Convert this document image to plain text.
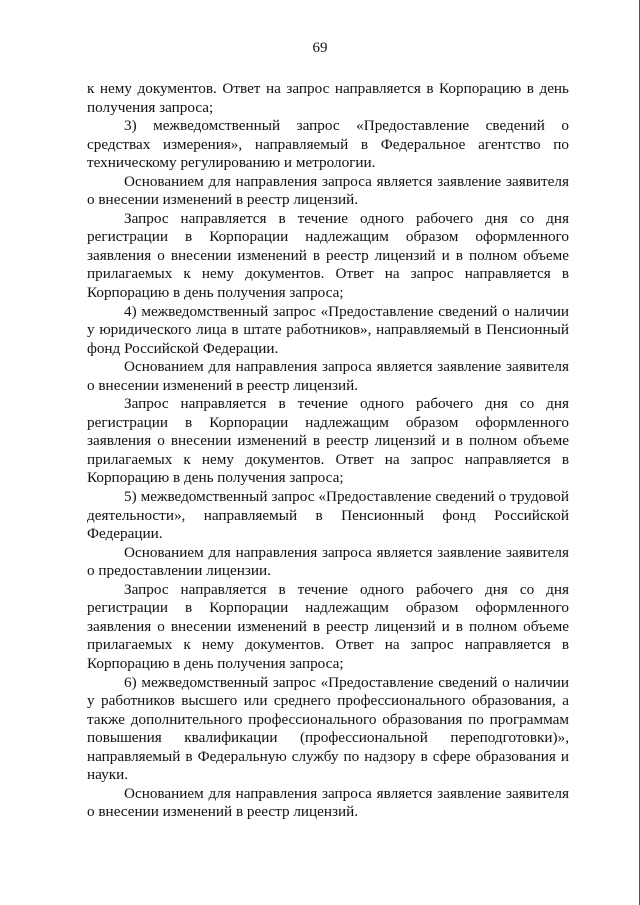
69

к нему документов. Ответ на запрос направляется в Корпорацию в день получения запроса;

3) межведомственный запрос «Предоставление сведений о средствах измерения», направляемый в Федеральное агентство по техническому регулированию и метрологии.

Основанием для направления запроса является заявление заявителя о внесении изменений в реестр лицензий.

Запрос направляется в течение одного рабочего дня со дня регистрации в Корпорации надлежащим образом оформленного заявления о внесении изменений в реестр лицензий и в полном объеме прилагаемых к нему документов. Ответ на запрос направляется в Корпорацию в день получения запроса;

4) межведомственный запрос «Предоставление сведений о наличии у юридического лица в штате работников», направляемый в Пенсионный фонд Российской Федерации.

Основанием для направления запроса является заявление заявителя о внесении изменений в реестр лицензий.

Запрос направляется в течение одного рабочего дня со дня регистрации в Корпорации надлежащим образом оформленного заявления о внесении изменений в реестр лицензий и в полном объеме прилагаемых к нему документов. Ответ на запрос направляется в Корпорацию в день получения запроса;

5) межведомственный запрос «Предоставление сведений о трудовой деятельности», направляемый в Пенсионный фонд Российской Федерации.

Основанием для направления запроса является заявление заявителя о предоставлении лицензии.

Запрос направляется в течение одного рабочего дня со дня регистрации в Корпорации надлежащим образом оформленного заявления о внесении изменений в реестр лицензий и в полном объеме прилагаемых к нему документов. Ответ на запрос направляется в Корпорацию в день получения запроса;

6) межведомственный запрос «Предоставление сведений о наличии у работников высшего или среднего профессионального образования, а также дополнительного профессионального образования по программам повышения квалификации (профессиональной переподготовки)», направляемый в Федеральную службу по надзору в сфере образования и науки.

Основанием для направления запроса является заявление заявителя о внесении изменений в реестр лицензий.
